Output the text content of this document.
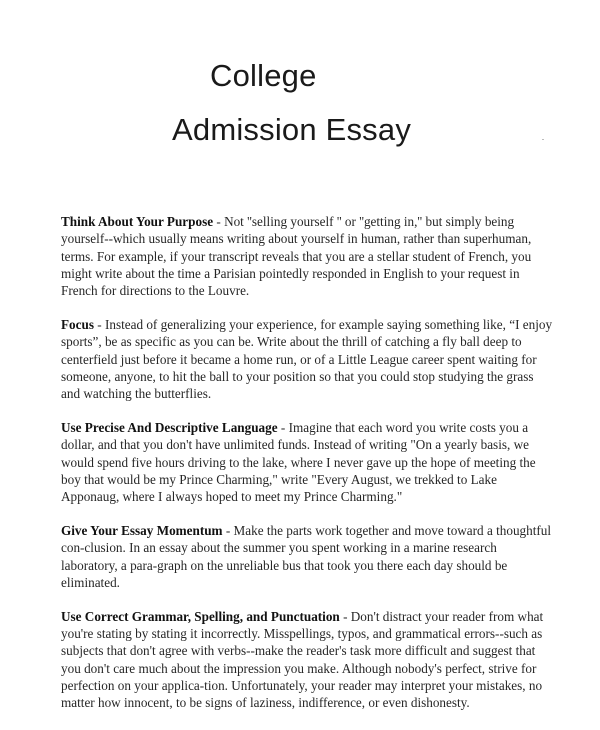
College
Admission Essay

Think About Your Purpose - Not ''selling yourself '' or ''getting in,'' but simply being yourself--which usually means writing about yourself in human, rather than superhuman, terms. For example, if your transcript reveals that you are a stellar student of French, you might write about the time a Parisian pointedly responded in English to your request in French for directions to the Louvre.

Focus - Instead of generalizing your experience, for example saying something like, “I enjoy sports”, be as specific as you can be. Write about the thrill of catching a fly ball deep to centerfield just before it became a home run, or of a Little League career spent waiting for someone, anyone, to hit the ball to your position so that you could stop studying the grass and watching the butterflies.

Use Precise And Descriptive Language - Imagine that each word you write costs you a dollar, and that you don't have unlimited funds. Instead of writing "On a yearly basis, we would spend five hours driving to the lake, where I never gave up the hope of meeting the boy that would be my Prince Charming," write "Every August, we trekked to Lake Apponaug, where I always hoped to meet my Prince Charming."

Give Your Essay Momentum - Make the parts work together and move toward a thoughtful con-clusion. In an essay about the summer you spent working in a marine research laboratory, a para-graph on the unreliable bus that took you there each day should be eliminated.

Use Correct Grammar, Spelling, and Punctuation - Don't distract your reader from what you're stating by stating it incorrectly. Misspellings, typos, and grammatical errors--such as subjects that don't agree with verbs--make the reader's task more difficult and suggest that you don't care much about the impression you make. Although nobody's perfect, strive for perfection on your applica-tion. Unfortunately, your reader may interpret your mistakes, no matter how innocent, to be signs of laziness, indifference, or even dishonesty.
